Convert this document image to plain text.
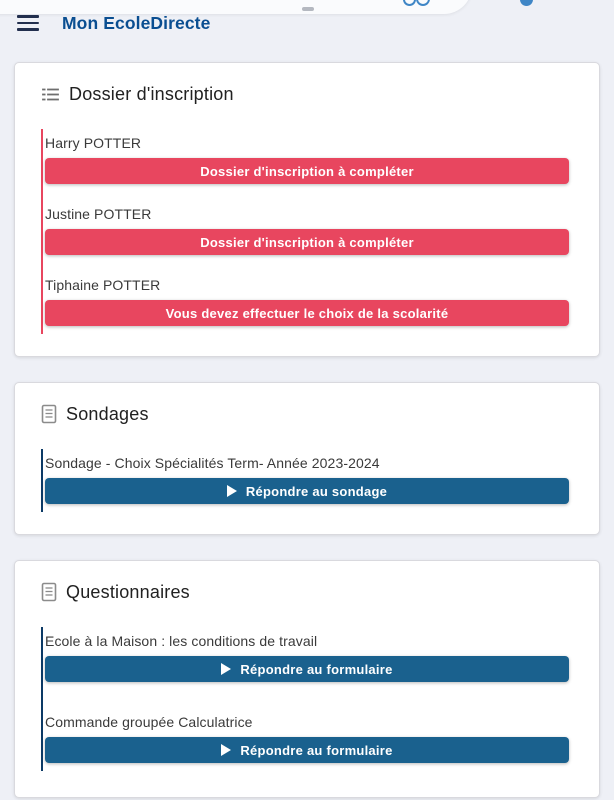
Mon EcoleDirecte
Dossier d'inscription

Harry POTTER

Dossier d'inscription à compléter

Justine POTTER

Dossier d'inscription à compléter

Tiphaine POTTER

Vous devez effectuer le choix de la scolarité
Sondages

Sondage - Choix Spécialités Term- Année 2023-2024

Répondre au sondage
Questionnaires

Ecole à la Maison : les conditions de travail

Répondre au formulaire

Commande groupée Calculatrice

Répondre au formulaire
